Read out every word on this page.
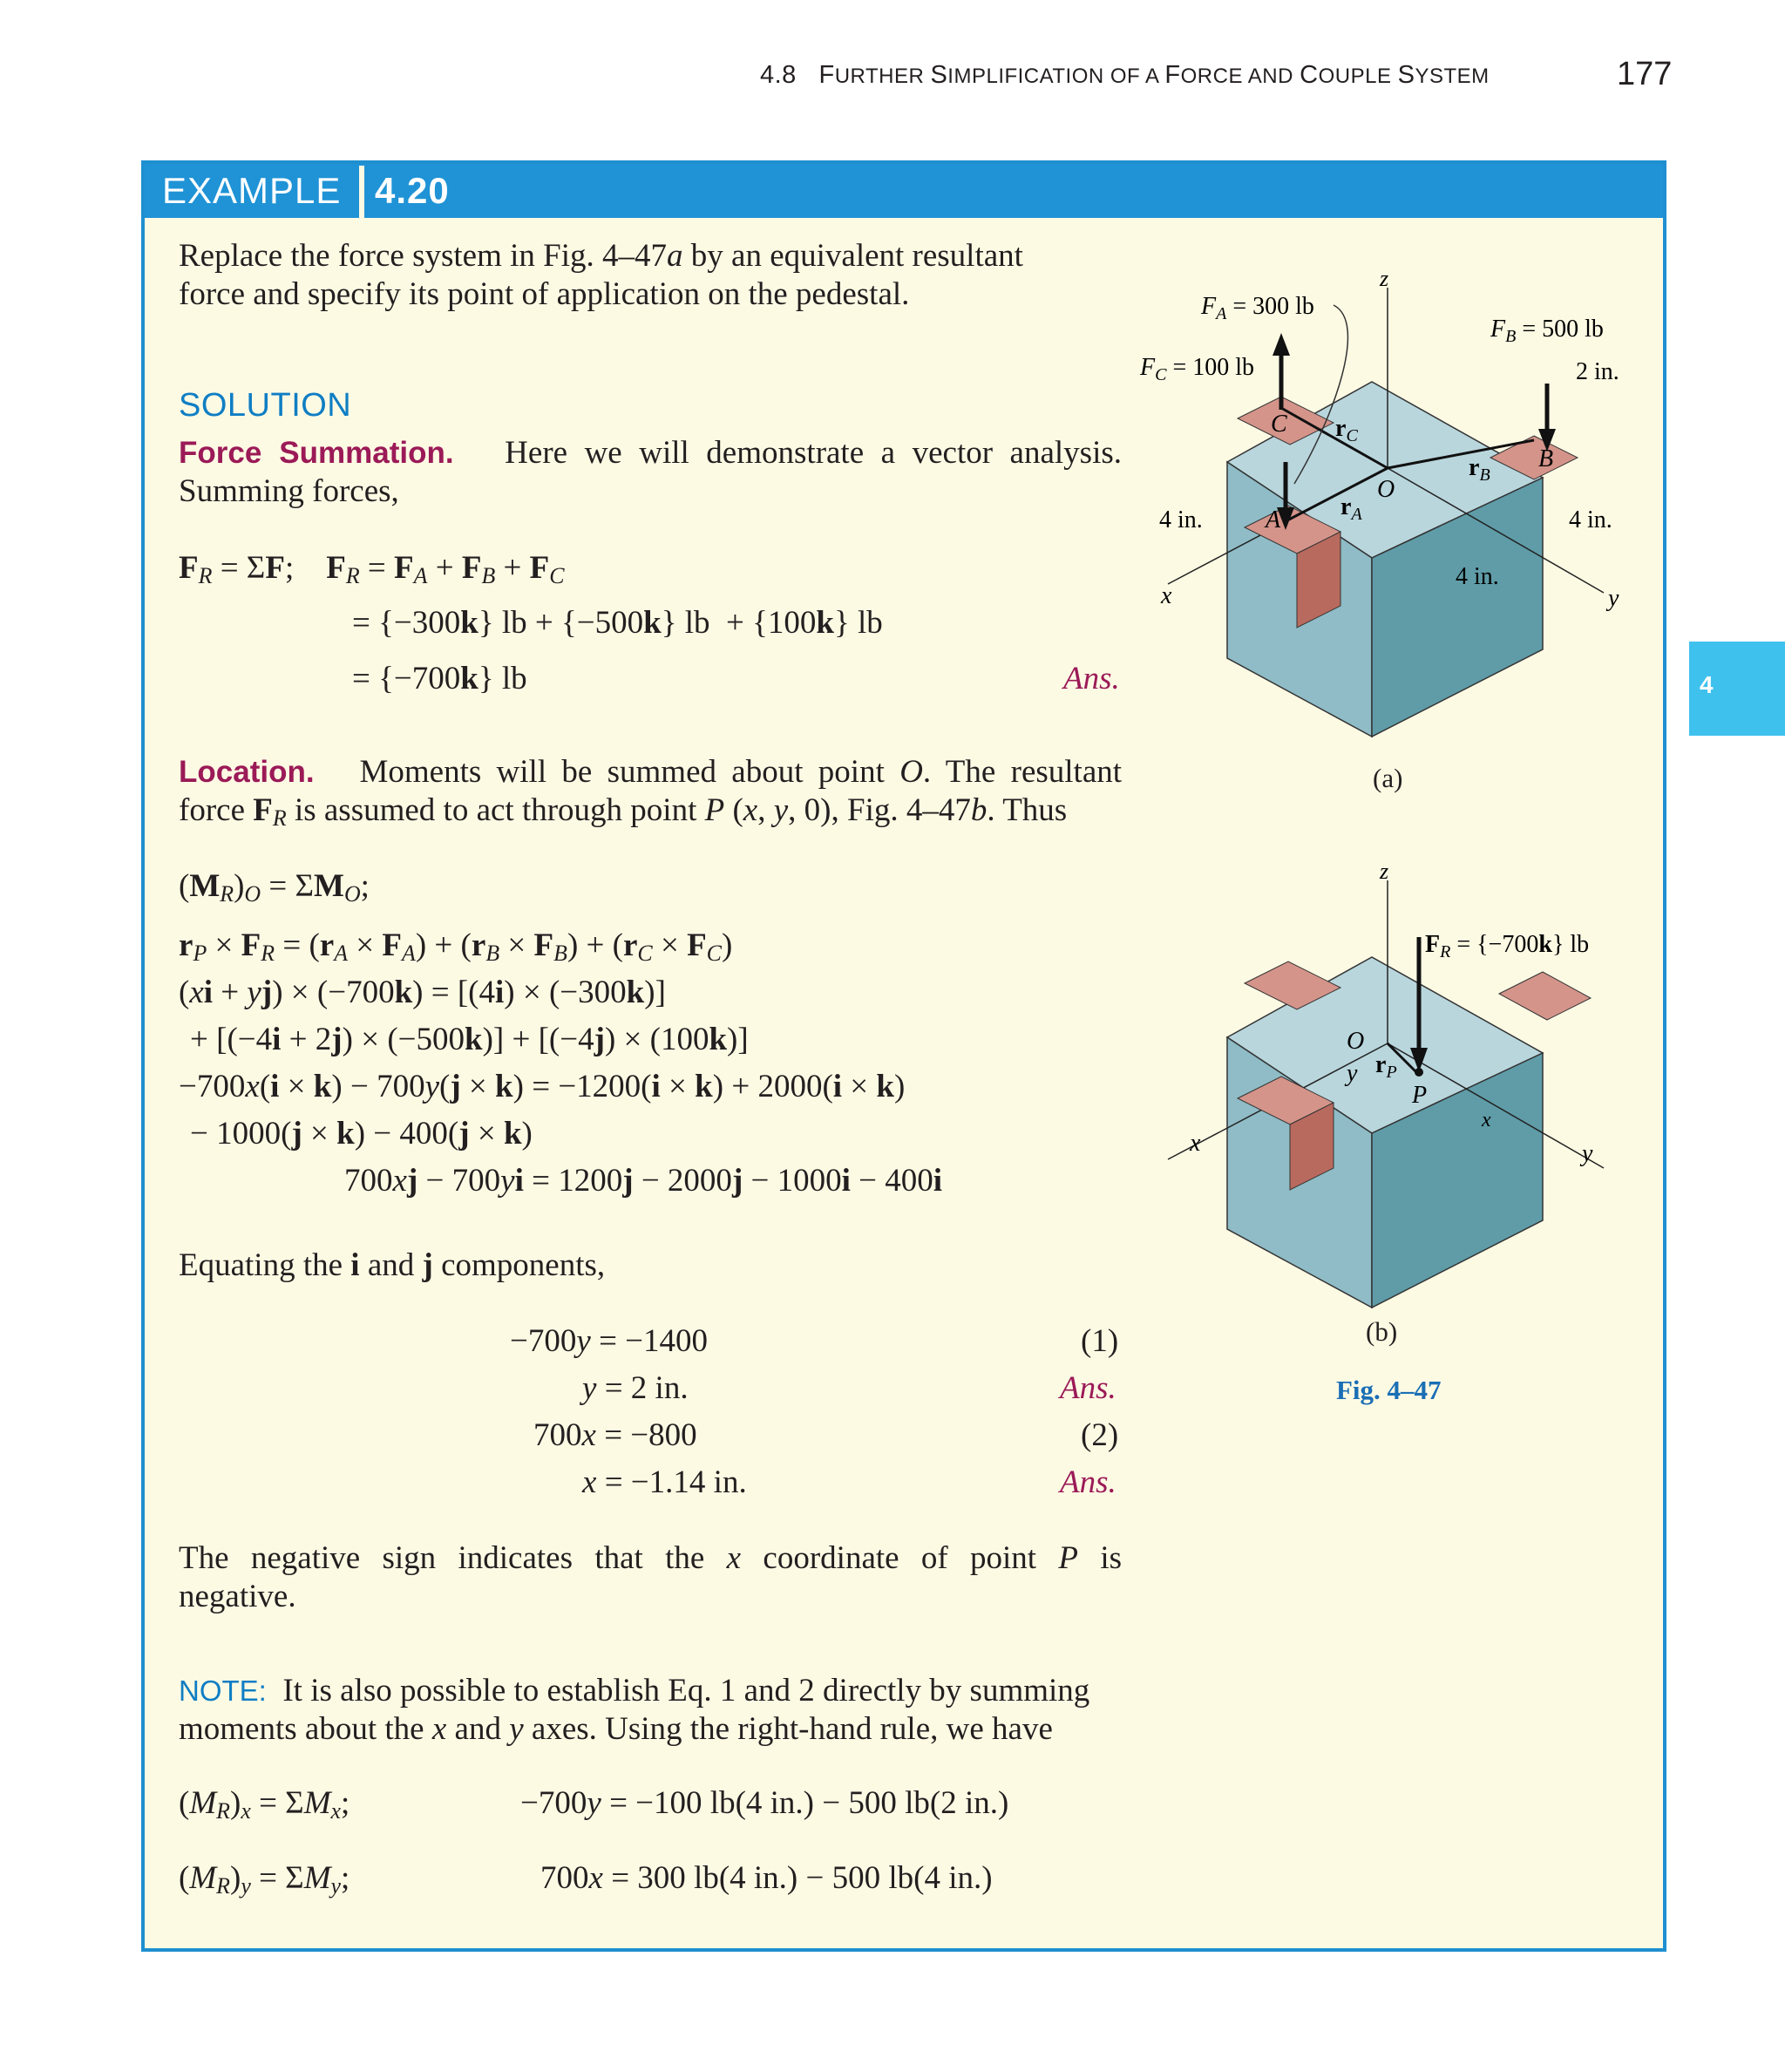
4.8 FURTHER SIMPLIFICATION OF A FORCE AND COUPLE SYSTEM	177
4
EXAMPLE 4.20
Replace the force system in Fig. 4–47a by an equivalent resultant
force and specify its point of application on the pedestal.
SOLUTION
Force Summation. Here we will demonstrate a vector analysis.
Summing forces,
$F_R = \Sigma F$;    $F_R = F_A + F_B + F_C$
= {−300k} lb + {−500k} lb  + {100k} lb
= {−700k} lb	Ans.
Location. Moments will be summed about point O. The resultant
force $F_R$ is assumed to act through point P (x, y, 0), Fig. 4–47b. Thus
$(M_R)_O = \Sigma M_O$;
$r_P \times F_R = (r_A \times F_A) + (r_B \times F_B) + (r_C \times F_C)$
(xi + yj) × (−700k) = [(4i) × (−300k)]
+ [(−4i + 2j) × (−500k)] + [(−4j) × (100k)]
−700x(i × k) − 700y(j × k) = −1200(i × k) + 2000(i × k)
− 1000(j × k) − 400(j × k)
700xj − 700yi = 1200j − 2000j − 1000i − 400i
Equating the i and j components,
−700y = −1400	(1)
y = 2 in.	Ans.
700x = −800	(2)
x = −1.14 in.	Ans.
The negative sign indicates that the x coordinate of point P is
negative.
NOTE: It is also possible to establish Eq. 1 and 2 directly by summing
moments about the x and y axes. Using the right-hand rule, we have
$(M_R)_x = \Sigma M_x$;	−700y = −100 lb(4 in.) − 500 lb(2 in.)
$(M_R)_y = \Sigma M_y$;	700x = 300 lb(4 in.) − 500 lb(4 in.)
z
x	y
$F_A = 300$ lb
$F_B = 500$ lb
$F_C = 100$ lb	2 in.
4 in.	4 in.
4 in.
C
B
A
O
$r_C$
$r_B$
$r_A$
(a)
z
x	y
$F_R = \{-700k\}$ lb
O
P
y
x
$r_P$
(b)
Fig. 4–47
